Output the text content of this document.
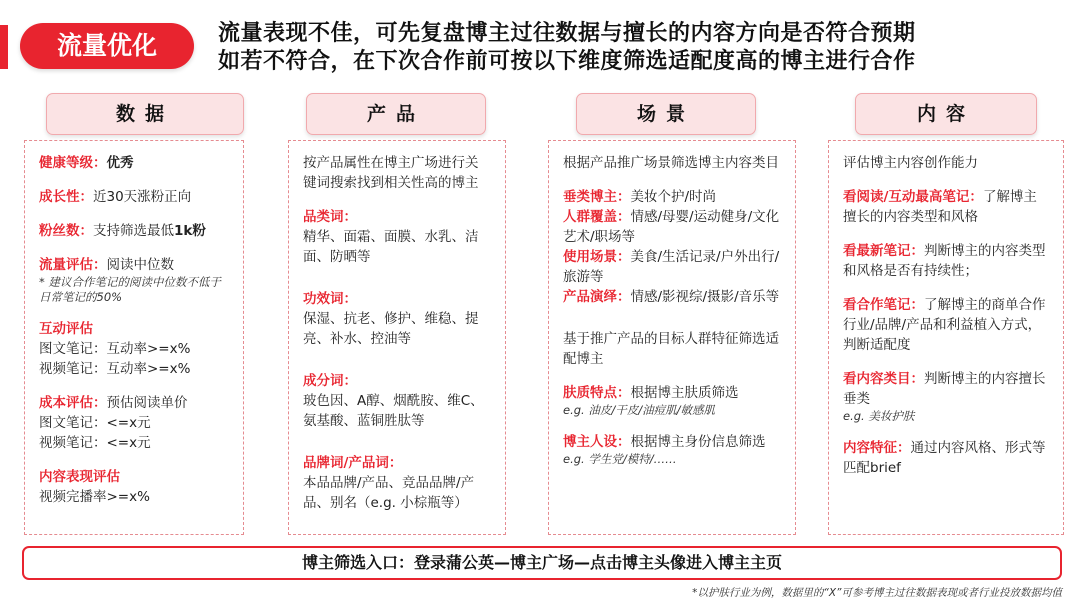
流量优化	流量表现不佳，可先复盘博主过往数据与擅长的内容方向是否符合预期
如若不符合，在下次合作前可按以下维度筛选适配度高的博主进行合作
数据	产品	场景	内容

健康等级：优秀

成长性：近30天涨粉正向

粉丝数：支持筛选最低1k粉

流量评估：阅读中位数

* 建议合作笔记的阅读中位数不低于日常笔记的50%

互动评估

图文笔记：互动率>=x%

视频笔记：互动率>=x%

成本评估：预估阅读单价

图文笔记：<=x元

视频笔记：<=x元

内容表现评估

视频完播率>=x%

按产品属性在博主广场进行关键词搜索找到相关性高的博主

品类词：

精华、面霜、面膜、水乳、洁面、防晒等

功效词：

保湿、抗老、修护、维稳、提亮、补水、控油等

成分词：

玻色因、A醇、烟酰胺、维C、氨基酸、蓝铜胜肽等

品牌词/产品词：

本品品牌/产品、竞品品牌/产品、别名（e.g. 小棕瓶等）

根据产品推广场景筛选博主内容类目

垂类博主：美妆个护/时尚

人群覆盖：情感/母婴/运动健身/文化艺术/职场等

使用场景：美食/生活记录/户外出行/旅游等

产品演绎：情感/影视综/摄影/音乐等

基于推广产品的目标人群特征筛选适配博主

肤质特点：根据博主肤质筛选

e.g. 油皮/干皮/油痘肌/敏感肌

博主人设：根据博主身份信息筛选

e.g. 学生党/模特/……

评估博主内容创作能力

看阅读/互动最高笔记：了解博主擅长的内容类型和风格

看最新笔记：判断博主的内容类型和风格是否有持续性；

看合作笔记：了解博主的商单合作行业/品牌/产品和利益植入方式，判断适配度

看内容类目：判断博主的内容擅长垂类

e.g. 美妆护肤

内容特征：通过内容风格、形式等匹配brief

博主筛选入口：登录蒲公英—博主广场—点击博主头像进入博主主页
*以护肤行业为例，数据里的“X”可参考博主过往数据表现或者行业投放数据均值
